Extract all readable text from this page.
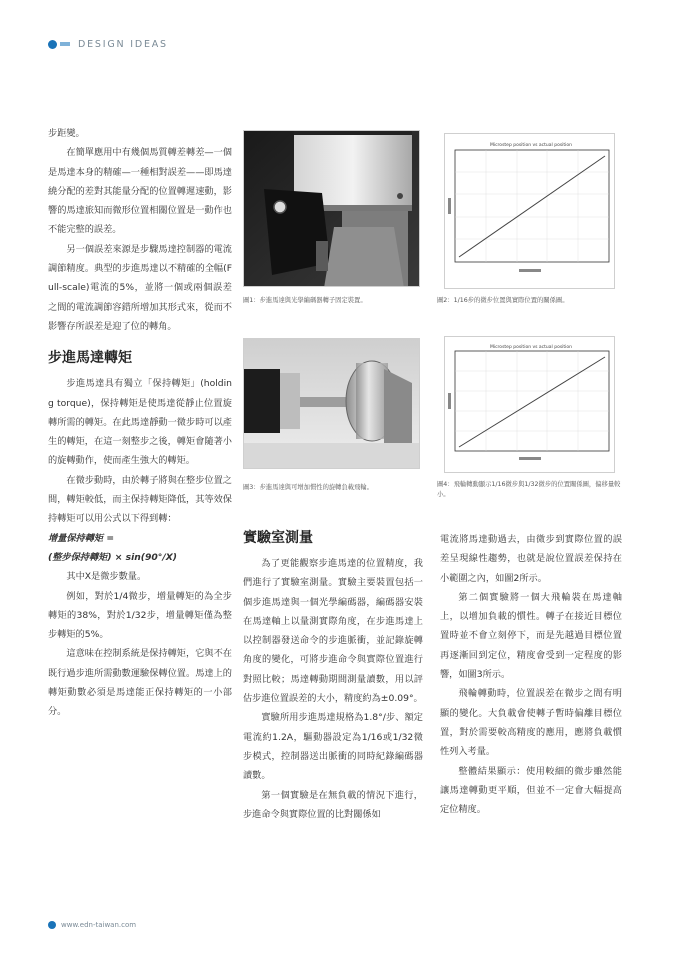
DESIGN IDEAS

步距變。

在簡單應用中有幾個馬質轉差轉差—一個是馬達本身的精確—一種相對誤差——即馬達繞分配的差對其能量分配的位置轉遲速動，影響的馬達旅知而微形位置相關位置是一動作也不能完整的誤差。

另一個誤差來源是步驟馬達控制器的電流調節精度。典型的步進馬達以不精確的全幅(Full-scale)電流的5%，並將一個或兩個誤差之間的電流調節容錯所增加其形式來，從而不影響存所誤差是迎了位的轉角。

步進馬達轉矩

步進馬達具有獨立「保持轉矩」(holding torque)，保持轉矩是使馬達從靜止位置旋轉所需的轉矩。在此馬達靜動一微步時可以產生的轉矩，在這一刻整步之後，轉矩會隨著小的旋轉動作，使而產生強大的轉矩。

在微步動時，由於轉子將與在整步位置之間，轉矩較低，而主保持轉矩降低，其等效保持轉矩可以用公式以下得到轉：

增量保持轉矩 =

(整步保持轉矩) × sin(90°/X)

其中X是微步數量。

例如，對於1/4微步，增量轉矩的為全步轉矩的38%，對於1/32步，增量轉矩僅為整步轉矩的5%。

這意味在控制系統是保持轉矩，它與不在既行過步進所需動數運驗保轉位置。馬達上的轉矩動數必須是馬達能正保持轉矩的一小部分。

圖1：步進馬達與光學編碼器轉子固定裝置。
Microstep position vs actual position
圖2：1/16步的微步位置與實際位置的關係圖。
圖3：步進馬達與可增加慣性的旋轉負載飛輪。
Microstep position vs actual position
圖4：飛輪轉動顯示1/16微步與1/32微步的位置關係圖，偏移量較小。
實驗室測量

為了更能觀察步進馬達的位置精度，我們進行了實驗室測量。實驗主要裝置包括一個步進馬達與一個光學編碼器，編碼器安裝在馬達軸上以量測實際角度，在步進馬達上以控制器發送命令的步進脈衝，並記錄旋轉角度的變化，可將步進命令與實際位置進行對照比較；馬達轉動期間測量讀數，用以評估步進位置誤差的大小，精度約為±0.09°。

實驗所用步進馬達規格為1.8°/步、額定電流約1.2A，驅動器設定為1/16或1/32微步模式，控制器送出脈衝的同時紀錄編碼器讀數。

第一個實驗是在無負載的情況下進行，步進命令與實際位置的比對關係如

電流將馬達動過去，由微步到實際位置的誤差呈現線性趨勢，也就是說位置誤差保持在小範圍之內，如圖2所示。

第二個實驗將一個大飛輪裝在馬達軸上，以增加負載的慣性。轉子在接近目標位置時並不會立刻停下，而是先越過目標位置再逐漸回到定位，精度會受到一定程度的影響，如圖3所示。

飛輪轉動時，位置誤差在微步之間有明顯的變化。大負載會使轉子暫時偏離目標位置，對於需要較高精度的應用，應將負載慣性列入考量。

整體結果顯示：使用較細的微步雖然能讓馬達轉動更平順，但並不一定會大幅提高定位精度。

www.edn-taiwan.com
